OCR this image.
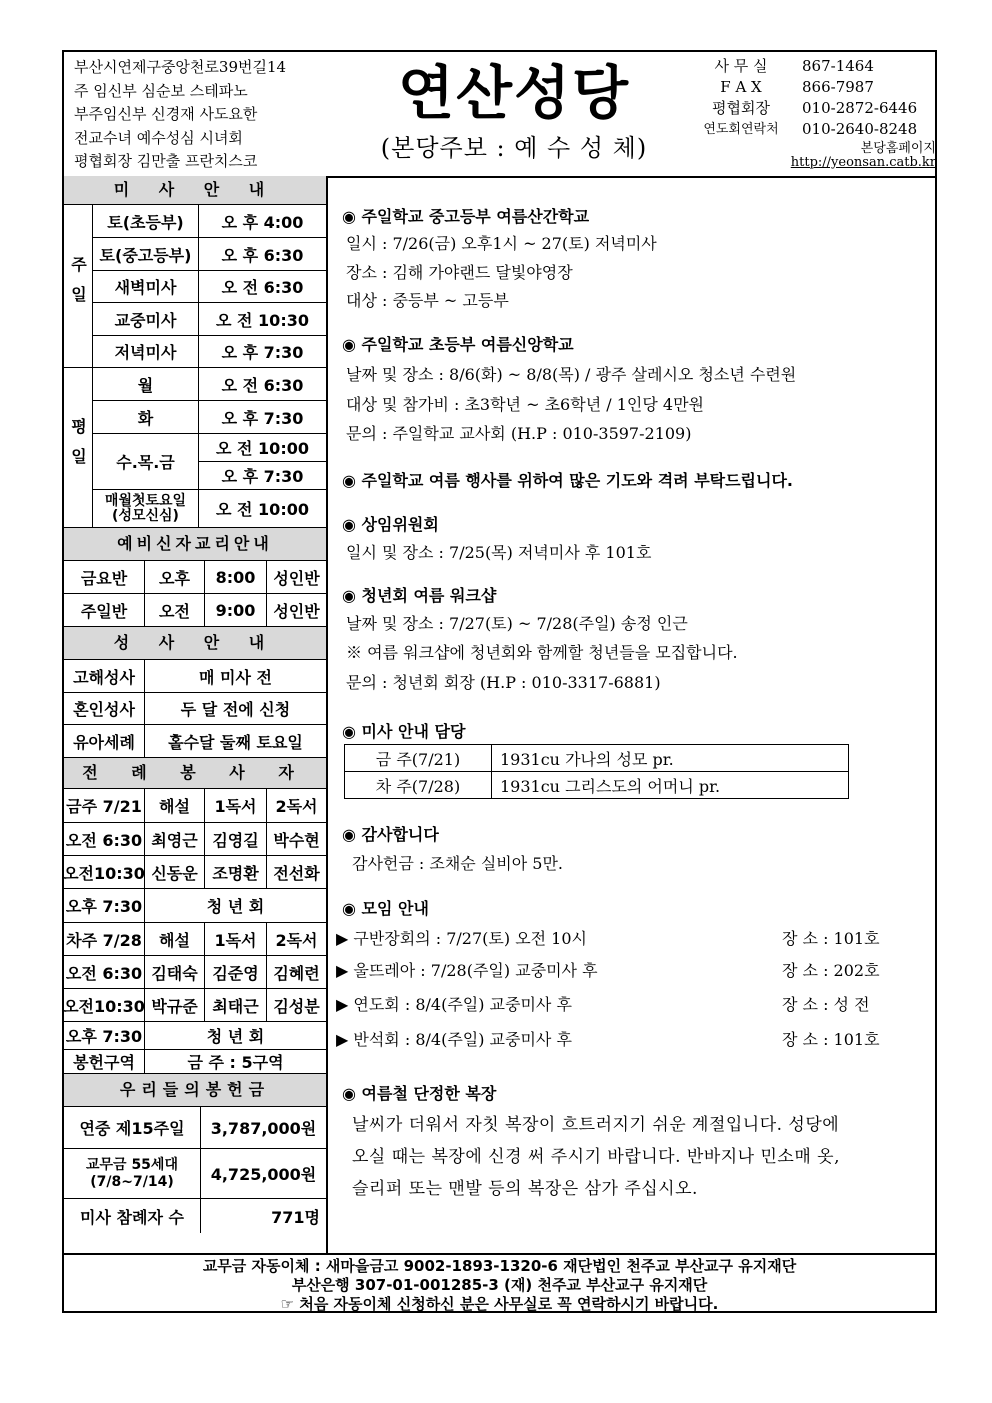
부산시연제구중앙천로39번길14
주 임신부 심순보 스테파노
부주임신부 신경재 사도요한
전교수녀 예수성심 시녀회
평협회장 김만출 프란치스코
연산성당
(본당주보 : 예 수 성 체)
사 무 실	867-1464
F A X	866-7987
평협회장	010-2872-6446
연도회연락처	010-2640-8248
본당홈페이지
http://yeonsan.catb.kr
미 사 안 내
주일
토(초등부)	오 후 4:00
토(중고등부)	오 후 6:30
새벽미사	오 전 6:30
교중미사	오 전 10:30
저녁미사	오 후 7:30
평일
월	오 전 6:30
화	오 후 7:30
수.목.금
오 전 10:00
오 후 7:30
매월첫토요일 (성모신심)	오 전 10:00
예비신자교리안내
금요반	오후	8:00	성인반
주일반	오전	9:00	성인반
성 사 안 내
고해성사	매 미사 전
혼인성사	두 달 전에 신청
유아세례	홀수달 둘째 토요일
전 례 봉 사 자
금주 7/21	해설	1독서	2독서
오전 6:30 최영근 김영길 박수현
오전10:30 신동운 조명환 전선화
오후 7:30	청 년 회
차주 7/28	해설	1독서	2독서
오전 6:30 김태숙 김준영 김혜련
오전10:30 박규준 최태근 김성분
오후 7:30	청 년 회
봉헌구역	금 주 : 5구역
우리들의봉헌금
연중 제15주일	3,787,000원
교무금 55세대 (7/8~7/14)	4,725,000원
미사 참례자 수	771명
◉ 주일학교 중고등부 여름산간학교
일시 : 7/26(금) 오후1시 ~ 27(토) 저녁미사
장소 : 김해 가야랜드 달빛야영장
대상 : 중등부 ~ 고등부
◉ 주일학교 초등부 여름신앙학교
날짜 및 장소 : 8/6(화) ~ 8/8(목) / 광주 살레시오 청소년 수련원
대상 및 참가비 : 초3학년 ~ 초6학년 / 1인당 4만원
문의 : 주일학교 교사회 (H.P : 010-3597-2109)
◉ 주일학교 여름 행사를 위하여 많은 기도와 격려 부탁드립니다.
◉ 상임위원회
일시 및 장소 : 7/25(목) 저녁미사 후 101호
◉ 청년회 여름 워크샵
날짜 및 장소 : 7/27(토) ~ 7/28(주일) 송정 인근
※ 여름 워크샵에 청년회와 함께할 청년들을 모집합니다.
문의 : 청년회 회장 (H.P : 010-3317-6881)
◉ 미사 안내 담당
금 주(7/21)	1931cu 가나의 성모 pr.
차 주(7/28)	1931cu 그리스도의 어머니 pr.
◉ 감사합니다
감사헌금 : 조채순 실비아 5만.
◉ 모임 안내
▶ 구반장회의 : 7/27(토) 오전 10시	장 소 : 101호
▶ 울뜨레아 : 7/28(주일) 교중미사 후	장 소 : 202호
▶ 연도회 : 8/4(주일) 교중미사 후	장 소 : 성 전
▶ 반석회 : 8/4(주일) 교중미사 후	장 소 : 101호
◉ 여름철 단정한 복장
날씨가 더워서 자칫 복장이 흐트러지기 쉬운 계절입니다. 성당에
오실 때는 복장에 신경 써 주시기 바랍니다. 반바지나 민소매 옷,
슬리퍼 또는 맨발 등의 복장은 삼가 주십시오.
교무금 자동이체 : 새마을금고 9002-1893-1320-6 재단법인 천주교 부산교구 유지재단
부산은행 307-01-001285-3 (재) 천주교 부산교구 유지재단
☞ 처음 자동이체 신청하신 분은 사무실로 꼭 연락하시기 바랍니다.
